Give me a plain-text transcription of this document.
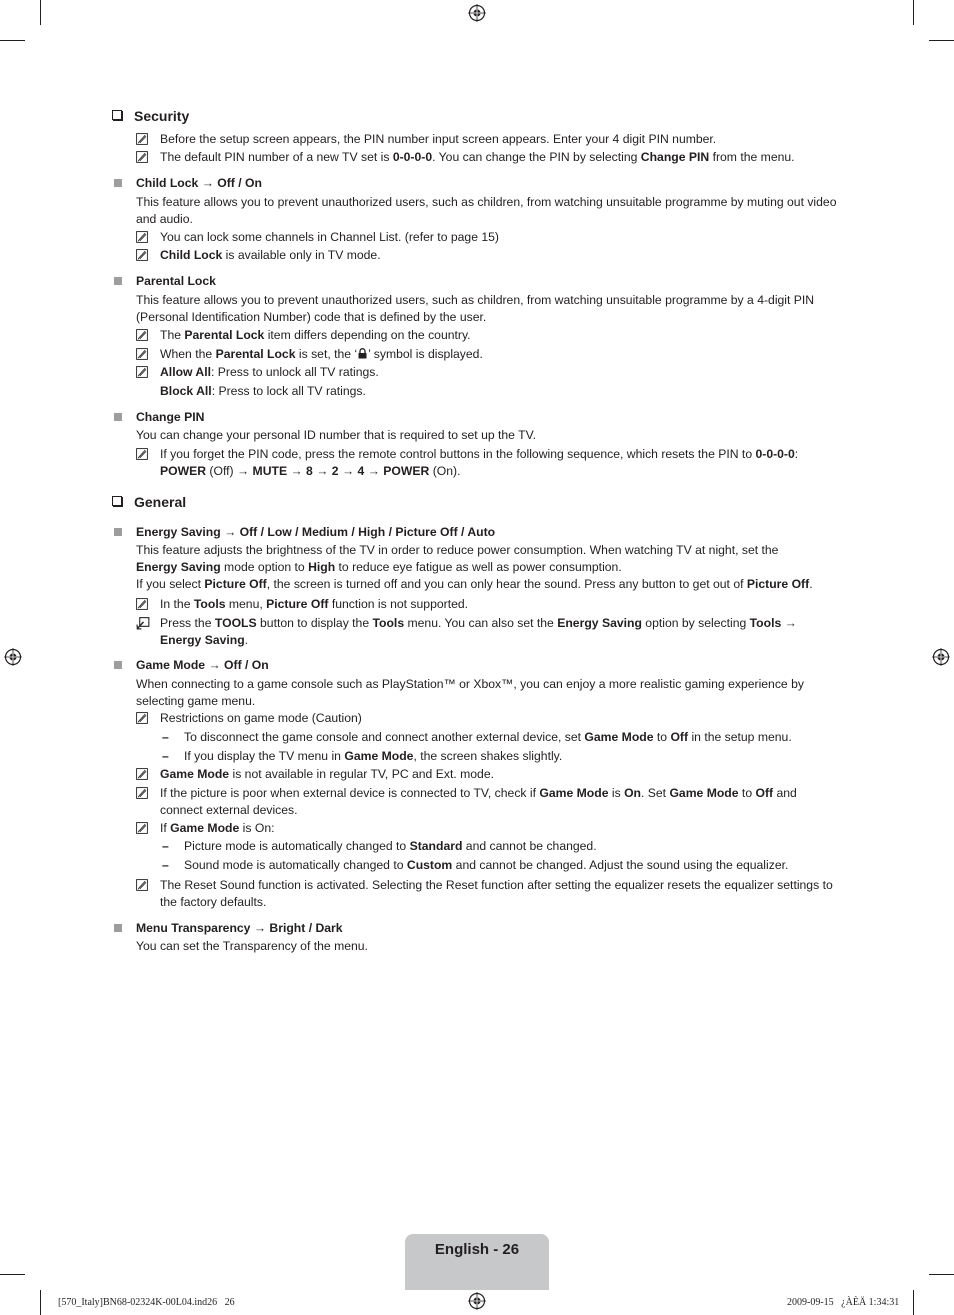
Security
Before the setup screen appears, the PIN number input screen appears. Enter your 4 digit PIN number.
The default PIN number of a new TV set is 0-0-0-0. You can change the PIN by selecting Change PIN from the menu.
Child Lock → Off / On
This feature allows you to prevent unauthorized users, such as children, from watching unsuitable programme by muting out video
and audio.
You can lock some channels in Channel List. (refer to page 15)
Child Lock is available only in TV mode.
Parental Lock
This feature allows you to prevent unauthorized users, such as children, from watching unsuitable programme by a 4-digit PIN
(Personal Identification Number) code that is defined by the user.
The Parental Lock item differs depending on the country.
When the Parental Lock is set, the ‘ ’ symbol is displayed.
Allow All: Press to unlock all TV ratings.
Block All: Press to lock all TV ratings.
Change PIN
You can change your personal ID number that is required to set up the TV.
If you forget the PIN code, press the remote control buttons in the following sequence, which resets the PIN to 0-0-0-0:
POWER (Off) → MUTE → 8 → 2 → 4 → POWER (On).
General
Energy Saving → Off / Low / Medium / High / Picture Off / Auto
This feature adjusts the brightness of the TV in order to reduce power consumption. When watching TV at night, set the
Energy Saving mode option to High to reduce eye fatigue as well as power consumption.
If you select Picture Off, the screen is turned off and you can only hear the sound. Press any button to get out of Picture Off.
In the Tools menu, Picture Off function is not supported.
Press the TOOLS button to display the Tools menu. You can also set the Energy Saving option by selecting Tools →
Energy Saving.
Game Mode → Off / On
When connecting to a game console such as PlayStation™ or Xbox™, you can enjoy a more realistic gaming experience by
selecting game menu.
Restrictions on game mode (Caution)
– To disconnect the game console and connect another external device, set Game Mode to Off in the setup menu.
– If you display the TV menu in Game Mode, the screen shakes slightly.
Game Mode is not available in regular TV, PC and Ext. mode.
If the picture is poor when external device is connected to TV, check if Game Mode is On. Set Game Mode to Off and
connect external devices.
If Game Mode is On:
– Picture mode is automatically changed to Standard and cannot be changed.
– Sound mode is automatically changed to Custom and cannot be changed. Adjust the sound using the equalizer.
The Reset Sound function is activated. Selecting the Reset function after setting the equalizer resets the equalizer settings to
the factory defaults.
Menu Transparency → Bright / Dark
You can set the Transparency of the menu.
English - 26
[570_Italy]BN68-02324K-00L04.ind26 26	2009-09-15 ¿ÀÈÄ 1:34:31
